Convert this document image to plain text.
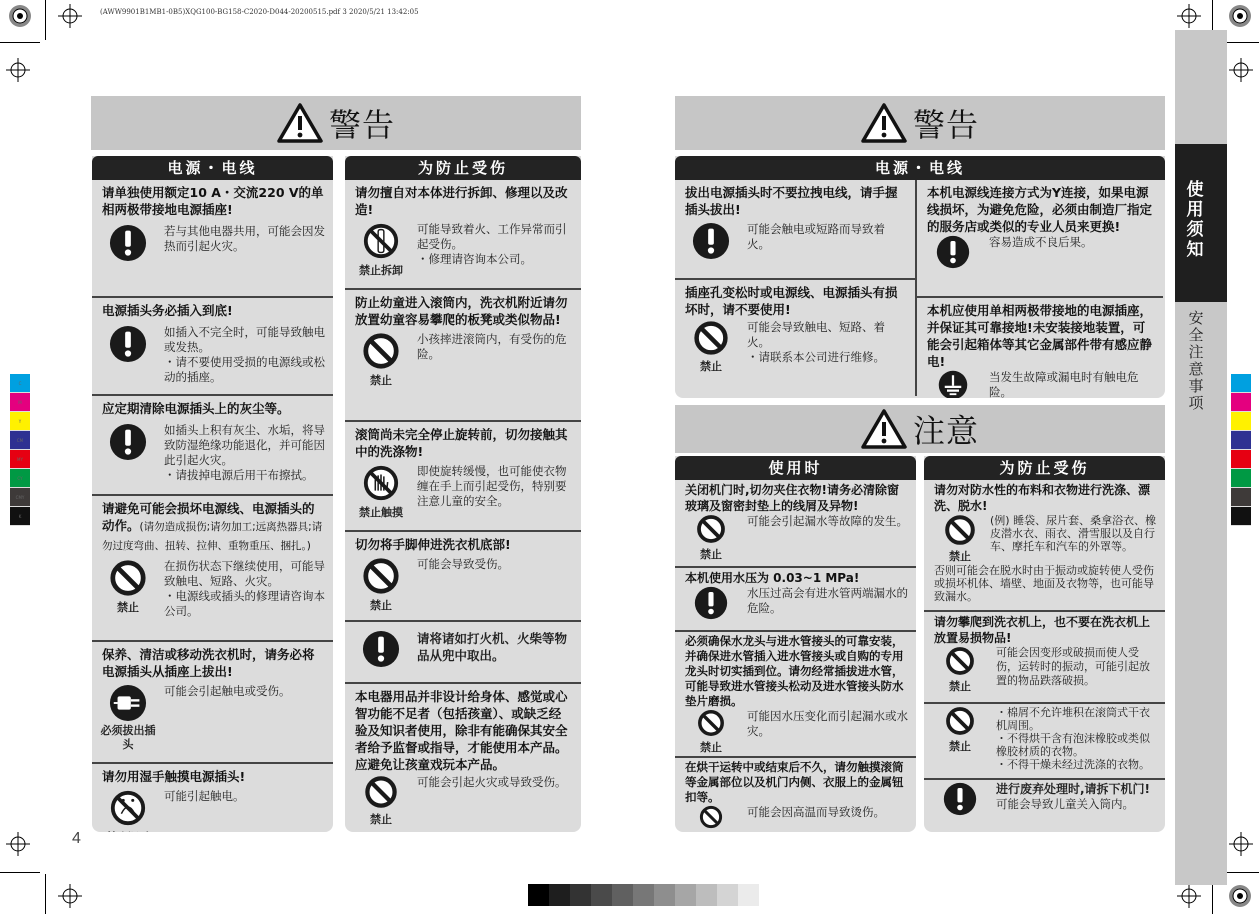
(AWW9901B1MB1-0B5)XQG100-BG158-C2020-D044-20200515.pdf 3 2020/5/21 13:42:05
C
M
Y
CM
MY
CY
CMY
K
4
警告
电源・电线
请单独使用额定10 A・交流220 V的单相两极带接地电源插座!
若与其他电器共用，可能会因发热而引起火灾。
电源插头务必插入到底!
如插入不完全时，可能导致触电或发热。
・请不要使用受损的电源线或松动的插座。
应定期清除电源插头上的灰尘等。
如插头上积有灰尘、水垢，将导致防湿绝缘功能退化，并可能因此引起火灾。
・请拔掉电源后用干布擦拭。
请避免可能会损坏电源线、电源插头的动作。(请勿造成损伤;请勿加工;远离热器具;请勿过度弯曲、扭转、拉伸、重物重压、捆扎。)
禁止
在损伤状态下继续使用，可能导致触电、短路、火灾。
・电源线或插头的修理请咨询本公司。
保养、清洁或移动洗衣机时，请务必将电源插头从插座上拔出!
必须拔出插头
可能会引起触电或受伤。
请勿用湿手触摸电源插头!
可能引起触电。
为防止受伤
请勿擅自对本体进行拆卸、修理以及改造!
禁止拆卸
可能导致着火、工作异常而引起受伤。
・修理请咨询本公司。
防止幼童进入滚筒内，洗衣机附近请勿放置幼童容易攀爬的板凳或类似物品!
禁止
小孩摔进滚筒内，有受伤的危险。
滚筒尚未完全停止旋转前，切勿接触其中的洗涤物!
禁止触摸
即使旋转缓慢，也可能使衣物缠在手上而引起受伤，特别要注意儿童的安全。
切勿将手脚伸进洗衣机底部!
禁止
可能会导致受伤。
请将诸如打火机、火柴等物品从兜中取出。
本电器用品并非设计给身体、感觉或心智功能不足者（包括孩童）、或缺乏经验及知识者使用，除非有能确保其安全者给予监督或指导，才能使用本产品。应避免让孩童戏玩本产品。
禁止
可能会引起火灾或导致受伤。
警告
电源・电线
拔出电源插头时不要拉拽电线，请手握插头拔出!
可能会触电或短路而导致着火。
插座孔变松时或电源线、电源插头有损坏时，请不要使用!
禁止
可能会导致触电、短路、着火。
・请联系本公司进行维修。
本机电源线连接方式为Y连接，如果电源线损坏，为避免危险，必须由制造厂指定的服务店或类似的专业人员来更换!
容易造成不良后果。
本机应使用单相两极带接地的电源插座，并保证其可靠接地!未安装接地装置，可能会引起箱体等其它金属部件带有感应静电!
当发生故障或漏电时有触电危险。
注意
使用时
关闭机门时,切勿夹住衣物!请务必清除窗玻璃及窗密封垫上的线屑及异物!
禁止
可能会引起漏水等故障的发生。
本机使用水压为 0.03~1 MPa!
水压过高会有进水管两端漏水的危险。
必须确保水龙头与进水管接头的可靠安装，并确保进水管插入进水管接头或自购的专用龙头时切实插到位。请勿经常插拔进水管，可能导致进水管接头松动及进水管接头防水垫片磨损。
禁止
可能因水压变化而引起漏水或水灾。
在烘干运转中或结束后不久，请勿触摸滚筒等金属部位以及机门内侧、衣服上的金属钮扣等。
可能会因高温而导致烫伤。
为防止受伤
请勿对防水性的布料和衣物进行洗涤、漂洗、脱水!
禁止
(例) 睡袋、尿片套、桑拿浴衣、橡皮潜水衣、雨衣、滑雪服以及自行车、摩托车和汽车的外罩等。
否则可能会在脱水时由于振动或旋转使人受伤或损坏机体、墙壁、地面及衣物等，也可能导致漏水。
请勿攀爬到洗衣机上，也不要在洗衣机上放置易损物品!
禁止
可能会因变形或破损而使人受伤，运转时的振动，可能引起放置的物品跌落破损。
禁止
・棉屑不允许堆积在滚筒式干衣机周围。
・不得烘干含有泡沫橡胶或类似橡胶材质的衣物。
・不得干燥未经过洗涤的衣物。
进行废弃处理时,请拆下机门!
可能会导致儿童关入筒内。
使用须知
安全注意事项
